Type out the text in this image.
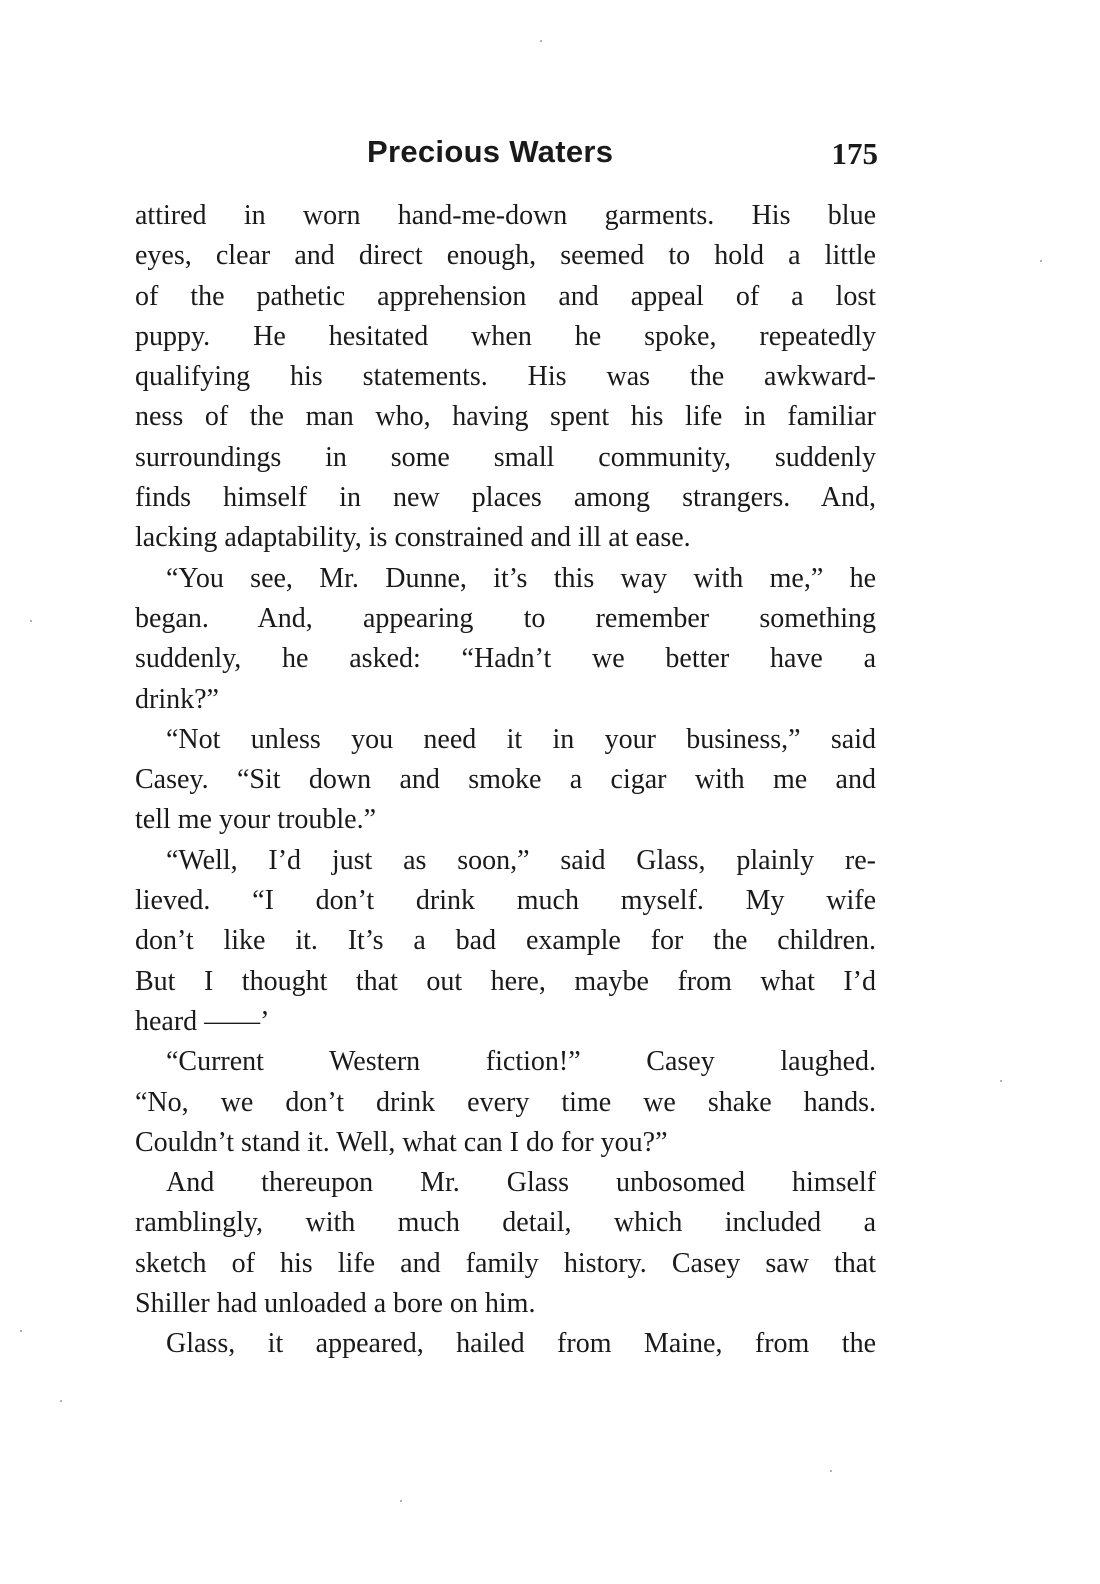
Precious Waters	175
attired in worn hand-me-down garments. His blue
eyes, clear and direct enough, seemed to hold a little
of the pathetic apprehension and appeal of a lost
puppy. He hesitated when he spoke, repeatedly
qualifying his statements. His was the awkward-
ness of the man who, having spent his life in familiar
surroundings in some small community, suddenly
finds himself in new places among strangers. And,
lacking adaptability, is constrained and ill at ease.
“You see, Mr. Dunne, it’s this way with me,” he
began. And, appearing to remember something
suddenly, he asked: “Hadn’t we better have a
drink?”
“Not unless you need it in your business,” said
Casey. “Sit down and smoke a cigar with me and
tell me your trouble.”
“Well, I’d just as soon,” said Glass, plainly re-
lieved. “I don’t drink much myself. My wife
don’t like it. It’s a bad example for the children.
But I thought that out here, maybe from what I’d
heard ——’
“Current Western fiction!” Casey laughed.
“No, we don’t drink every time we shake hands.
Couldn’t stand it. Well, what can I do for you?”
And thereupon Mr. Glass unbosomed himself
ramblingly, with much detail, which included a
sketch of his life and family history. Casey saw that
Shiller had unloaded a bore on him.
Glass, it appeared, hailed from Maine, from the
